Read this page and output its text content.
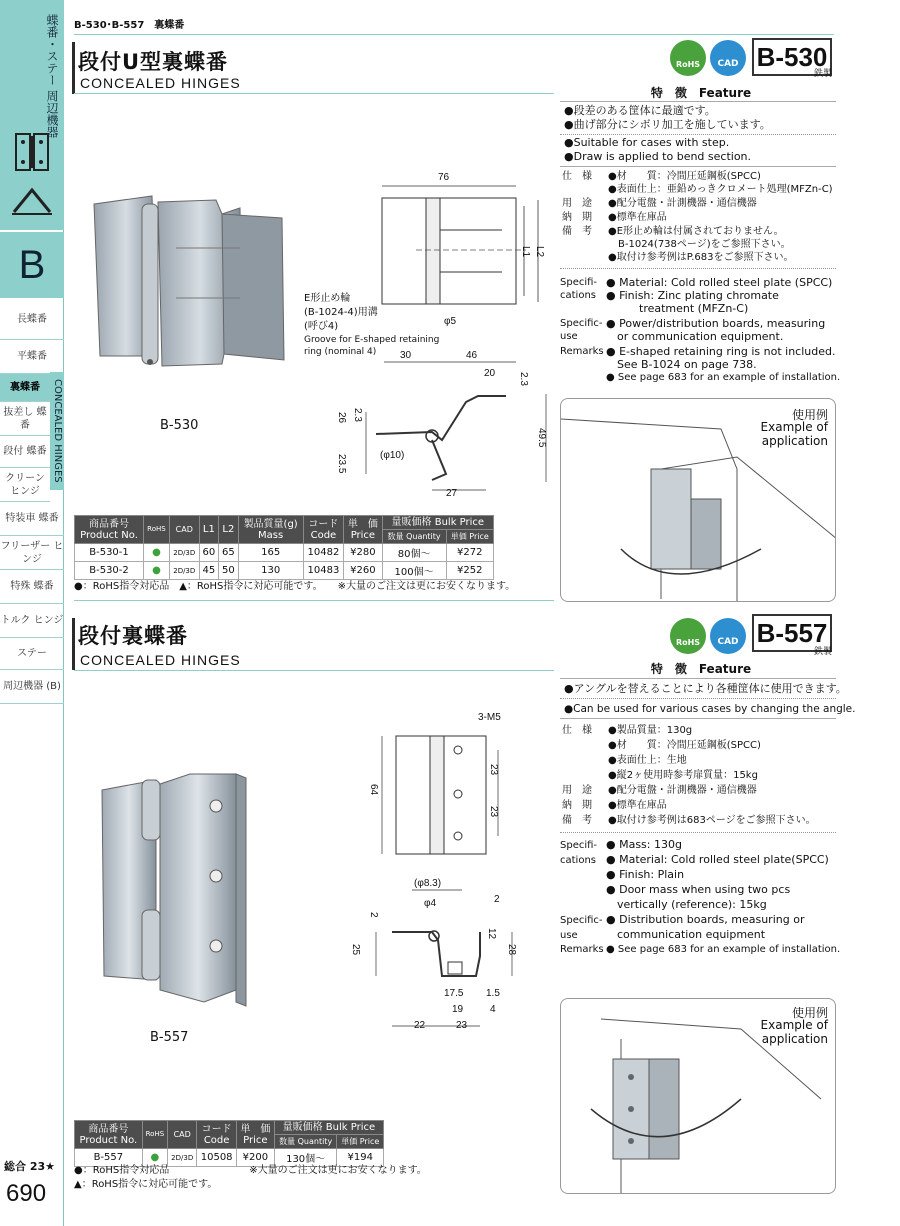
蝶番・ステー 周辺機器
B
長蝶番
平蝶番
裏蝶番
抜差し 蝶番
段付 蝶番
クリーン ヒンジ
CONCEALED HINGES
特装車 蝶番
フリーザー ヒンジ
特殊 蝶番
トルク ヒンジ
ステー
周辺機器 (B)
総合 23★
690
B-530･B-557　裏蝶番
段付U型裏蝶番
CONCEALED HINGES
RoHS	CAD B-530
鉄製
特　徴　Feature
●段差のある筐体に最適です。
●曲げ部分にシボリ加工を施しています。
●Suitable for cases with step.
●Draw is applied to bend section.
仕　様 ●材　　質：冷間圧延鋼板(SPCC)
●表面仕上：亜鉛めっきクロメート処理(MFZn-C)
用　途 ●配分電盤・計測機器・通信機器
納　期 ●標準在庫品
備　考 ●E形止め輪は付属されておりません。
　B-1024(738ページ)をご参照下さい。
●取付け参考例はP.683をご参照下さい。
Specifi-
cations
● Material: Cold rolled steel plate (SPCC)
● Finish: Zinc plating chromate
　　　treatment (MFZn-C)
Specific-
use
● Power/distribution boards, measuring
　or communication equipment.
Remarks ● E-shaped retaining ring is not included.
　See B-1024 on page 738.
● See page 683 for an example of installation.
B-530
76
L1 L2
φ5
E形止め輪
(B-1024-4)用溝
(呼び4)
Groove for E-shaped retaining
ring (nominal 4) 30	46
20 2.3
26 2.3
49.5
23.5	(φ10)
27
使用例
Example of
application
商品番号
Product No.	RoHS	CAD	L1	L2	製品質量(g)
Mass	コード
Code	単　価
Price	量販価格 Bulk Price	
								数量 Quantity	単価 Price
B-530-1	●	2D/3D	60	65	165	10482	¥280	80個〜	¥272
B-530-2	●	2D/3D	45	50	130	10483	¥260	100個〜	¥252
●：RoHS指令対応品　▲：RoHS指令に対応可能です。　　※大量のご注文は更にお安くなります。
段付裏蝶番
CONCEALED HINGES
RoHS	CAD B-557
鉄製
特　徴　Feature
●アングルを替えることにより各種筐体に使用できます。
●Can be used for various cases by changing the angle.
仕　様 ●製品質量：130g
●材　　質：冷間圧延鋼板(SPCC)
●表面仕上：生地
●縦2ヶ使用時参考扉質量：15kg
用　途 ●配分電盤・計測機器・通信機器
納　期 ●標準在庫品
備　考 ●取付け参考例は683ページをご参照下さい。
Specifi-
cations
● Mass: 130g
● Material: Cold rolled steel plate(SPCC)
● Finish: Plain
● Door mass when using two pcs
　vertically (reference): 15kg
Specific-
use
● Distribution boards, measuring or
　communication equipment
Remarks ● See page 683 for an example of installation.
B-557
3-M5
64
23
23
(φ8.3)
φ4	2
2
12
25	28
17.5 1.5
19	4
22	23
使用例
Example of
application
商品番号
Product No.	RoHS	CAD	コード
Code	単　価
Price	量販価格 Bulk Price	
					数量 Quantity	単価 Price
B-557	●	2D/3D	10508	¥200	130個〜	¥194
●：RoHS指令対応品　　　　　　　　※大量のご注文は更にお安くなります。
▲：RoHS指令に対応可能です。
